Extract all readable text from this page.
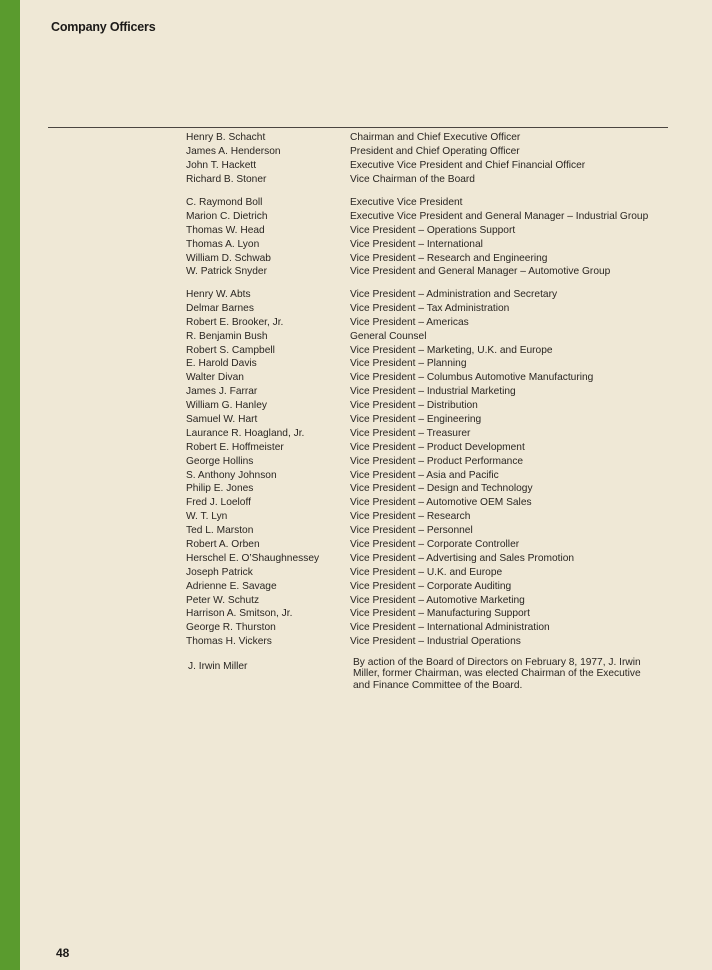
Company Officers
Henry B. Schacht	Chairman and Chief Executive Officer
James A. Henderson	President and Chief Operating Officer
John T. Hackett	Executive Vice President and Chief Financial Officer
Richard B. Stoner	Vice Chairman of the Board
C. Raymond Boll	Executive Vice President
Marion C. Dietrich	Executive Vice President and General Manager – Industrial Group
Thomas W. Head	Vice President – Operations Support
Thomas A. Lyon	Vice President – International
William D. Schwab	Vice President – Research and Engineering
W. Patrick Snyder	Vice President and General Manager – Automotive Group
Henry W. Abts	Vice President – Administration and Secretary
Delmar Barnes	Vice President – Tax Administration
Robert E. Brooker, Jr.	Vice President – Americas
R. Benjamin Bush	General Counsel
Robert S. Campbell	Vice President – Marketing, U.K. and Europe
E. Harold Davis	Vice President – Planning
Walter Divan	Vice President – Columbus Automotive Manufacturing
James J. Farrar	Vice President – Industrial Marketing
William G. Hanley	Vice President – Distribution
Samuel W. Hart	Vice President – Engineering
Laurance R. Hoagland, Jr.	Vice President – Treasurer
Robert E. Hoffmeister	Vice President – Product Development
George Hollins	Vice President – Product Performance
S. Anthony Johnson	Vice President – Asia and Pacific
Philip E. Jones	Vice President – Design and Technology
Fred J. Loeloff	Vice President – Automotive OEM Sales
W. T. Lyn	Vice President – Research
Ted L. Marston	Vice President – Personnel
Robert A. Orben	Vice President – Corporate Controller
Herschel E. O’Shaughnessey	Vice President – Advertising and Sales Promotion
Joseph Patrick	Vice President – U.K. and Europe
Adrienne E. Savage	Vice President – Corporate Auditing
Peter W. Schutz	Vice President – Automotive Marketing
Harrison A. Smitson, Jr.	Vice President – Manufacturing Support
George R. Thurston	Vice President – International Administration
Thomas H. Vickers	Vice President – Industrial Operations
J. Irwin Miller	By action of the Board of Directors on February 8, 1977, J. Irwin Miller, former Chairman, was elected Chairman of the Executive and Finance Committee of the Board.
48
